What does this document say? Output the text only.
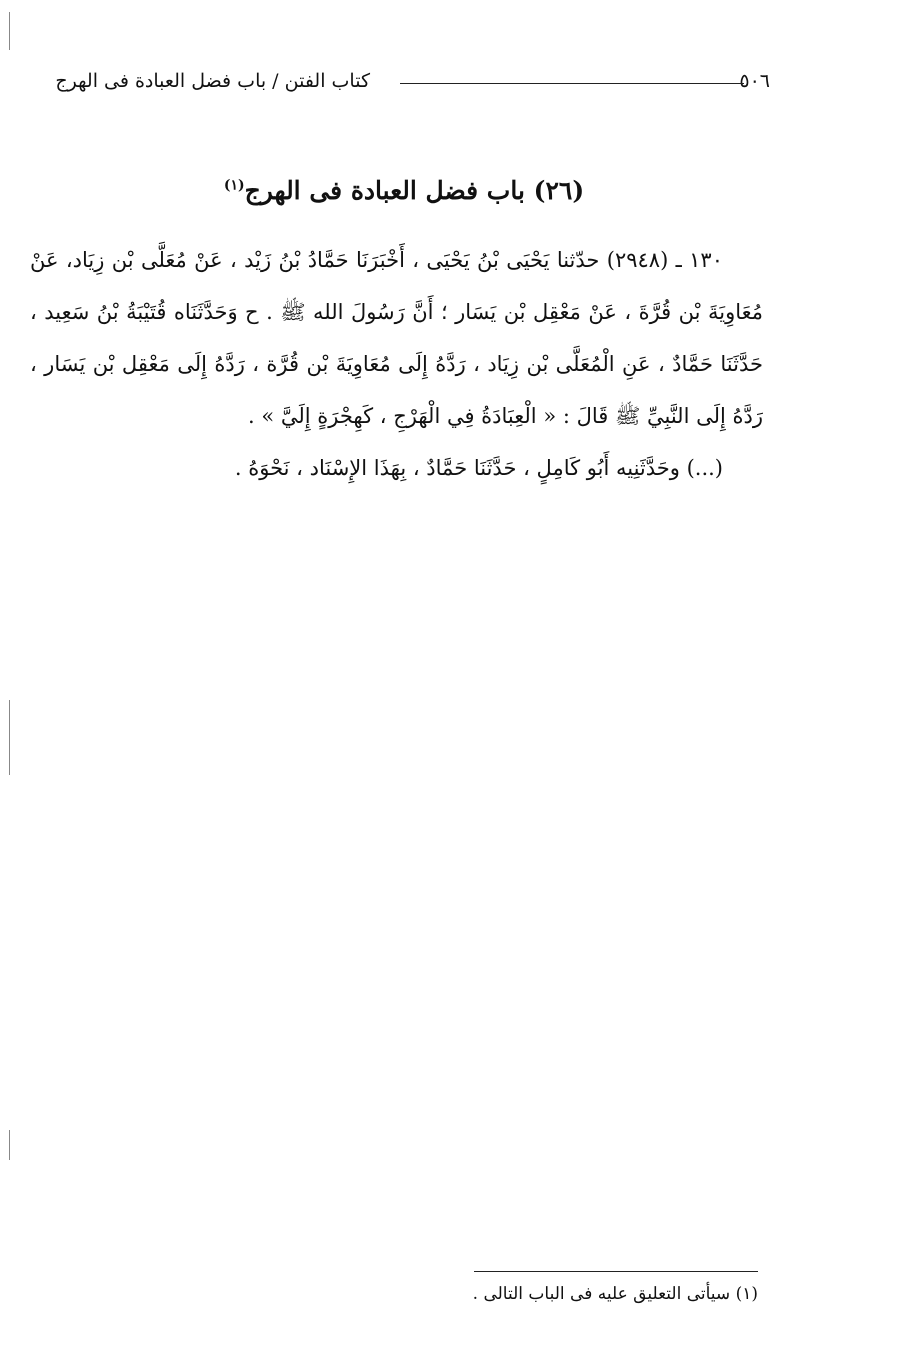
٥٠٦
كتاب الفتن / باب فضل العبادة فى الهرج
(٢٦) باب فضل العبادة فى الهرج$^{(١)}$

١٣٠ ـ (٢٩٤٨) حدّثنا يَحْيَى بْنُ يَحْيَى ، أَخْبَرَنَا حَمَّادُ بْنُ زَيْد ، عَنْ مُعَلَّى بْن زِيَاد، عَنْ مُعَاوِيَةَ بْن قُرَّةَ ، عَنْ مَعْقِل بْن يَسَار ؛ أَنَّ رَسُولَ الله ﷺ . ح وَحَدَّثَنَاه قُتَيْبَةُ بْنُ سَعِيد ، حَدَّثَنَا حَمَّادٌ ، عَنِ الْمُعَلَّى بْن زِيَاد ، رَدَّهُ إِلَى مُعَاوِيَةَ بْن قُرَّة ، رَدَّهُ إِلَى مَعْقِل بْن يَسَار ، رَدَّهُ إِلَى النَّبِيِّ ﷺ قَالَ : « الْعِبَادَةُ فِي الْهَرْجِ ، كَهِجْرَةٍ إِلَيَّ » .

(...) وحَدَّثَنِيه أَبُو كَامِلٍ ، حَدَّثَنَا حَمَّادٌ ، بِهَذَا الإِسْنَاد ، نَحْوَهُ .

(١) سيأتى التعليق عليه فى الباب التالى .
